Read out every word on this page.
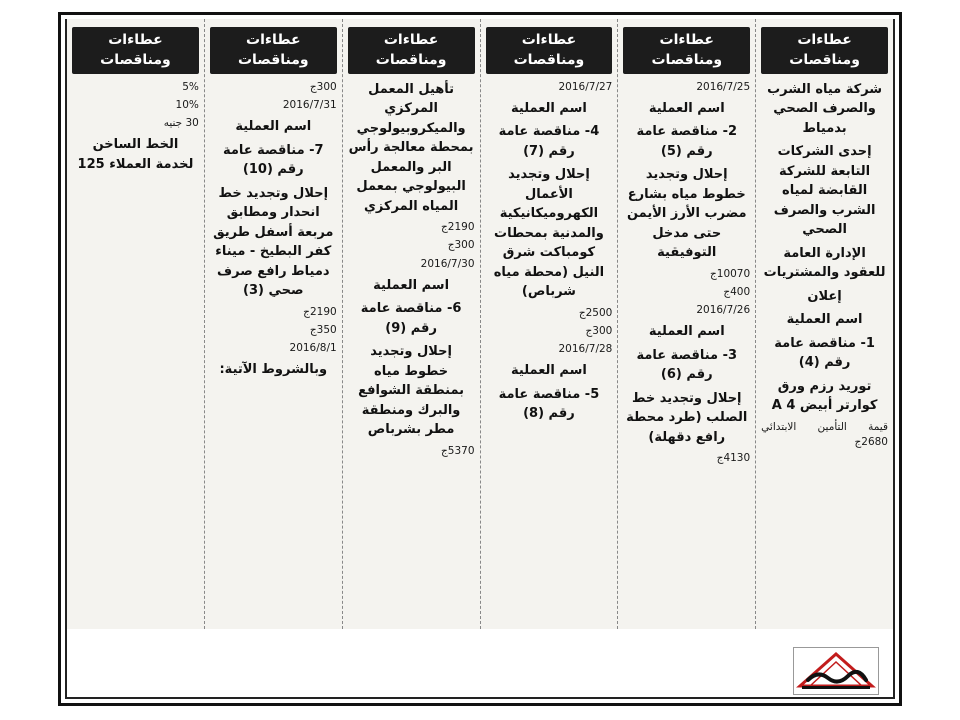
عطاءات ومناقصات
شركة مياه الشرب والصرف الصحي بدمياط
إحدى الشركات التابعة للشركة القابضة لمياه الشرب والصرف الصحي
الإدارة العامة للعقود والمشتريات
إعلان
اسم العملية
1- مناقصة عامة رقم (4)
توريد رزم ورق كوارتر أبيض A 4
قيمة التأمين الابتدائي 2680ج
عطاءات ومناقصات
2016/7/25
اسم العملية
2- مناقصة عامة رقم (5)
إحلال وتجديد خطوط مياه بشارع مضرب الأرز الأيمن حتى مدخل التوفيقية
10070ج
400ج
2016/7/26
اسم العملية
3- مناقصة عامة رقم (6)
إحلال وتجديد خط الصلب (طرد محطة رافع دقهلة)
4130ج
عطاءات ومناقصات
2016/7/27
اسم العملية
4- مناقصة عامة رقم (7)
إحلال وتجديد الأعمال الكهروميكانيكية والمدنية بمحطات كومباكت شرق النيل (محطة مياه شرباص)
2500ج
300ج
2016/7/28
اسم العملية
5- مناقصة عامة رقم (8)
عطاءات ومناقصات
تأهيل المعمل المركزي والميكروبيولوجي بمحطة معالجة رأس البر والمعمل البيولوجي بمعمل المياه المركزي
2190ج
300ج
2016/7/30
اسم العملية
6- مناقصة عامة رقم (9)
إحلال وتجديد خطوط مياه بمنطقة الشوافع والبرك ومنطقة مطر بشرباص
5370ج
عطاءات ومناقصات
300ج
2016/7/31
اسم العملية
7- مناقصة عامة رقم (10)
إحلال وتجديد خط انحدار ومطابق مربعة أسفل طريق كفر البطيخ - ميناء دمياط رافع صرف صحي (3)
2190ج
350ج
2016/8/1
وبالشروط الآتية:
عطاءات ومناقصات
5%
10%
30 جنيه
الخط الساخن لخدمة العملاء 125
